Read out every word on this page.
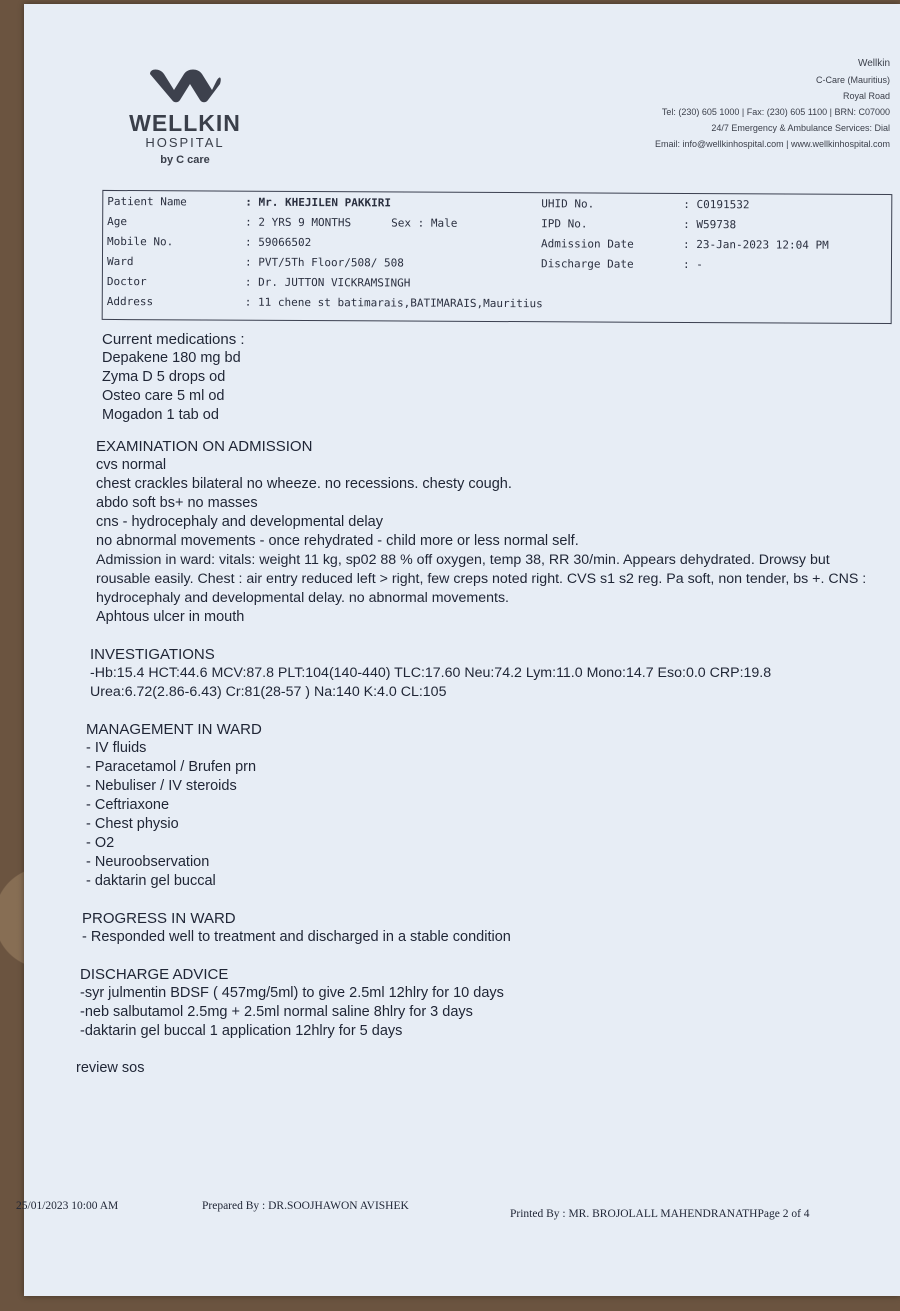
WELLKIN
HOSPITAL
by C care
Wellkin
C-Care (Mauritius)
Royal Road
Tel: (230) 605 1000 | Fax: (230) 605 1100 | BRN: C07000
24/7 Emergency & Ambulance Services: Dial
Email: info@wellkinhospital.com | www.wellkinhospital.com
Patient Name	: Mr. KHEJILEN PAKKIRI	UHID No.	: C0191532
Age	: 2 YRS 9 MONTHS	Sex : Male	IPD No.	: W59738
Mobile No.	: 59066502	Admission Date	: 23-Jan-2023 12:04 PM
Ward	: PVT/5Th Floor/508/ 508	Discharge Date	: -
Doctor	: Dr. JUTTON VICKRAMSINGH
Address	: 11 chene st batimarais,BATIMARAIS,Mauritius
Current medications :
Depakene 180 mg bd
Zyma D 5 drops od
Osteo care 5 ml od
Mogadon 1 tab od
EXAMINATION ON ADMISSION
cvs normal
chest crackles bilateral no wheeze. no recessions. chesty cough.
abdo soft bs+ no masses
cns - hydrocephaly and developmental delay
no abnormal movements - once rehydrated - child more or less normal self.
Admission in ward: vitals: weight 11 kg, sp02 88 % off oxygen, temp 38, RR 30/min. Appears dehydrated. Drowsy but rousable easily. Chest : air entry reduced left > right, few creps noted right. CVS s1 s2 reg. Pa soft, non tender, bs +. CNS : hydrocephaly and developmental delay. no abnormal movements.
Aphtous ulcer in mouth
INVESTIGATIONS
-Hb:15.4 HCT:44.6 MCV:87.8 PLT:104(140-440) TLC:17.60 Neu:74.2 Lym:11.0 Mono:14.7 Eso:0.0 CRP:19.8
Urea:6.72(2.86-6.43) Cr:81(28-57 ) Na:140 K:4.0 CL:105
MANAGEMENT IN WARD
- IV fluids
- Paracetamol / Brufen prn
- Nebuliser / IV steroids
- Ceftriaxone
- Chest physio
- O2
- Neuroobservation
- daktarin gel buccal
PROGRESS IN WARD
- Responded well to treatment and discharged in a stable condition
DISCHARGE ADVICE
-syr julmentin BDSF ( 457mg/5ml) to give 2.5ml 12hlry for 10 days
-neb salbutamol 2.5mg + 2.5ml normal saline 8hlry for 3 days
-daktarin gel buccal 1 application 12hlry for 5 days
review sos
25/01/2023 10:00 AM	Prepared By : DR.SOOJHAWON AVISHEK
Printed By : MR. BROJOLALL MAHENDRANATHPage 2 of 4
